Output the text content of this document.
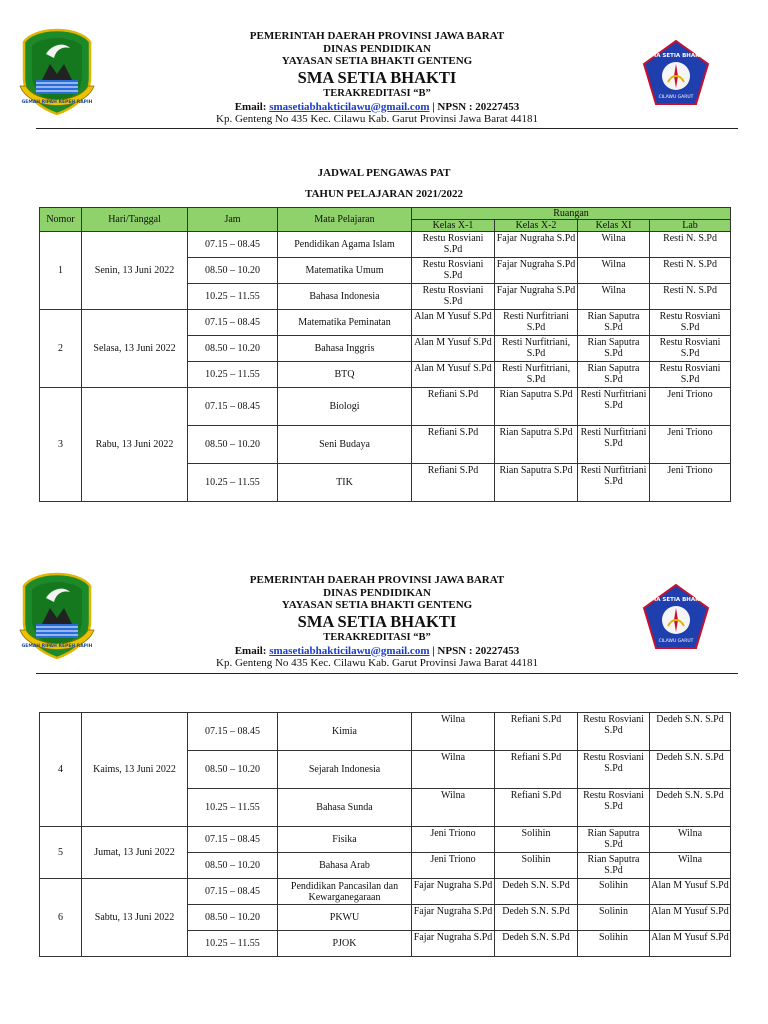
GEMAH RIPAH REPEH RAPIH
PEMERINTAH DAERAH PROVINSI JAWA BARAT
DINAS PENDIDIKAN
YAYASAN SETIA BHAKTI GENTENG
SMA SETIA BHAKTI
TERAKREDITASI “B”
Email: smasetiabhakticilawu@gmail.com | NPSN : 20227453
Kp. Genteng No 435 Kec. Cilawu Kab. Garut Provinsi Jawa Barat 44181
SMA SETIA BHAKTI
CILAWU GARUT
JADWAL PENGAWAS PAT
TAHUN PELAJARAN 2021/2022
Nomor	Hari/Tanggal	Jam	Mata Pelajaran	Ruangan			
				Kelas X-1	Kelas X-2	Kelas XI	Lab
1	Senin, 13 Juni 2022	07.15 – 08.45	Pendidikan Agama Islam	Restu Rosviani S.Pd	Fajar Nugraha S.Pd	Wilna	Resti N. S.Pd
		08.50 – 10.20	Matematika Umum	Restu Rosviani S.Pd	Fajar Nugraha S.Pd	Wilna	Resti N. S.Pd
		10.25 – 11.55	Bahasa Indonesia	Restu Rosviani S.Pd	Fajar Nugraha S.Pd	Wilna	Resti N. S.Pd
2	Selasa, 13 Juni 2022	07.15 – 08.45	Matematika Peminatan	Alan M Yusuf S.Pd	Resti Nurfitriani S.Pd	Rian Saputra S.Pd	Restu Rosviani S.Pd
		08.50 – 10.20	Bahasa Inggris	Alan M Yusuf S.Pd	Resti Nurfitriani, S.Pd	Rian Saputra S.Pd	Restu Rosviani S.Pd
		10.25 – 11.55	BTQ	Alan M Yusuf S.Pd	Resti Nurfitriani, S.Pd	Rian Saputra S.Pd	Restu Rosviani S.Pd
3	Rabu, 13 Juni 2022	07.15 – 08.45	Biologi	Refiani S.Pd	Rian Saputra S.Pd	Resti Nurfitriani S.Pd	Jeni Triono
		08.50 – 10.20	Seni Budaya	Refiani S.Pd	Rian Saputra S.Pd	Resti Nurfitriani S.Pd	Jeni Triono
		10.25 – 11.55	TIK	Refiani S.Pd	Rian Saputra S.Pd	Resti Nurfitriani S.Pd	Jeni Triono
GEMAH RIPAH REPEH RAPIH
PEMERINTAH DAERAH PROVINSI JAWA BARAT
DINAS PENDIDIKAN
YAYASAN SETIA BHAKTI GENTENG
SMA SETIA BHAKTI
TERAKREDITASI “B”
Email: smasetiabhakticilawu@gmail.com | NPSN : 20227453
Kp. Genteng No 435 Kec. Cilawu Kab. Garut Provinsi Jawa Barat 44181
SMA SETIA BHAKTI
CILAWU GARUT
4	Kaims, 13 Juni 2022	07.15 – 08.45	Kimia	Wilna	Refiani S.Pd	Restu Rosviani S.Pd	Dedeh S.N. S.Pd
		08.50 – 10.20	Sejarah Indonesia	Wilna	Refiani S.Pd	Restu Rosviani S.Pd	Dedeh S.N. S.Pd
		10.25 – 11.55	Bahasa Sunda	Wilna	Refiani S.Pd	Restu Rosviani S.Pd	Dedeh S.N. S.Pd
5	Jumat, 13 Juni 2022	07.15 – 08.45	Fisika	Jeni Triono	Solihin	Rian Saputra S.Pd	Wilna
		08.50 – 10.20	Bahasa Arab	Jeni Triono	Solihin	Rian Saputra S.Pd	Wilna
6	Sabtu, 13 Juni 2022	07.15 – 08.45	Pendidikan Pancasilan dan Kewarganegaraan	Fajar Nugraha S.Pd	Dedeh S.N. S.Pd	Solihin	Alan M Yusuf S.Pd
		08.50 – 10.20	PKWU	Fajar Nugraha S.Pd	Dedeh S.N. S.Pd	Solinin	Alan M Yusuf S.Pd
		10.25 – 11.55	PJOK	Fajar Nugraha S.Pd	Dedeh S.N. S.Pd	Solihin	Alan M Yusuf S.Pd
